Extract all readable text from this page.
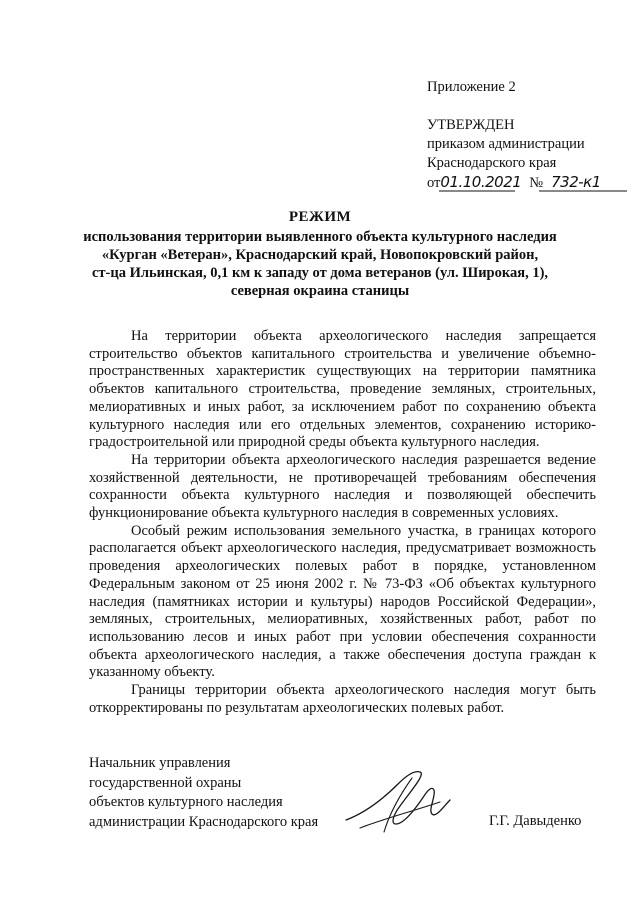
Приложение 2
УТВЕРЖДЕН
приказом администрации
Краснодарского края
от01.10.2021 № 732-к1
РЕЖИМ
использования территории выявленного объекта культурного наследия
«Курган «Ветеран», Краснодарский край, Новопокровский район,
ст-ца Ильинская, 0,1 км к западу от дома ветеранов (ул. Широкая, 1),
северная окраина станицы

На территории объекта археологического наследия запрещается строительство объектов капитального строительства и увеличение объемно-пространственных характеристик существующих на территории памятника объектов капитального строительства, проведение земляных, строительных, мелиоративных и иных работ, за исключением работ по сохранению объекта культурного наследия или его отдельных элементов, сохранению историко-градостроительной или природной среды объекта культурного наследия.

На территории объекта археологического наследия разрешается ведение хозяйственной деятельности, не противоречащей требованиям обеспечения сохранности объекта культурного наследия и позволяющей обеспечить функционирование объекта культурного наследия в современных условиях.

Особый режим использования земельного участка, в границах которого располагается объект археологического наследия, предусматривает возможность проведения археологических полевых работ в порядке, установленном Федеральным законом от 25 июня 2002 г. № 73-ФЗ «Об объектах культурного наследия (памятниках истории и культуры) народов Российской Федерации», земляных, строительных, мелиоративных, хозяйственных работ, работ по использованию лесов и иных работ при условии обеспечения сохранности объекта археологического наследия, а также обеспечения доступа граждан к указанному объекту.

Границы территории объекта археологического наследия могут быть откорректированы по результатам археологических полевых работ.

Начальник управления
государственной охраны
объектов культурного наследия
администрации Краснодарского края	Г.Г. Давыденко
